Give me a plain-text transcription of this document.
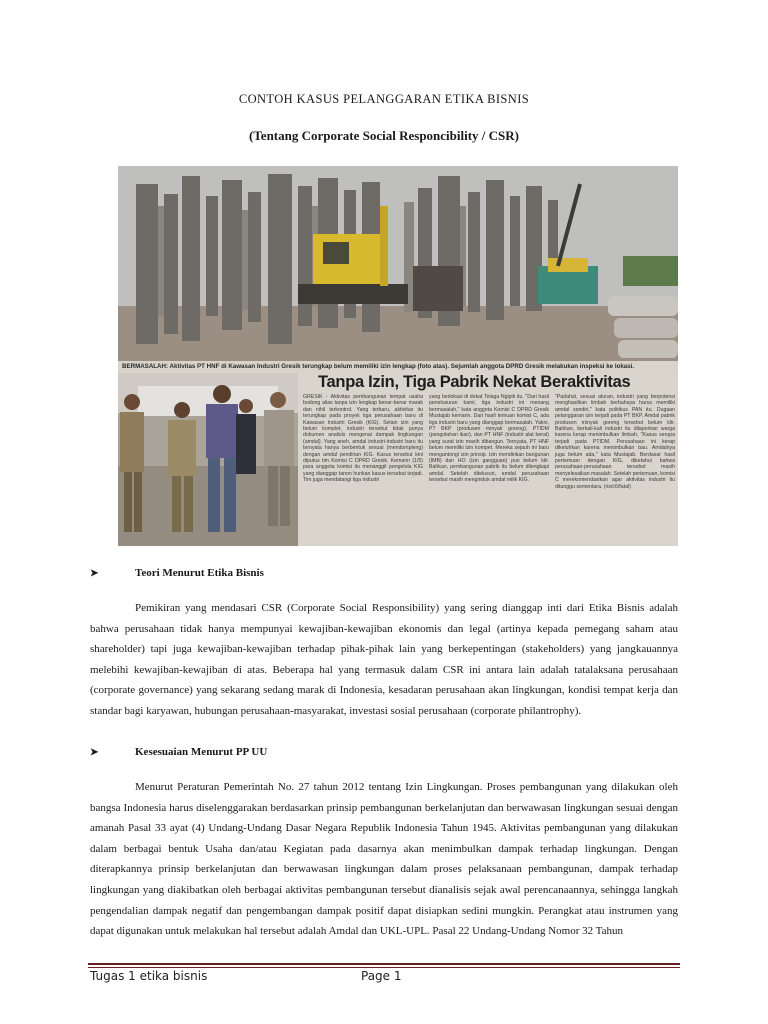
CONTOH KASUS PELANGGARAN ETIKA BISNIS
(Tentang Corporate Social Responcibility / CSR)
BERMASALAH: Aktivitas PT HNF di Kawasan Industri Gresik terungkap belum memiliki izin lengkap (foto atas). Sejumlah anggota DPRD Gresik melakukan inspeksi ke lokasi.
Tanpa Izin, Tiga Pabrik Nekat Beraktivitas
GRESIK - Aktivitas pembangunan tempat usaha bodong alias tanpa izin lengkap benar-benar marak dan nihil terkontrol. Yang terbaru, aktivitas itu terungkap pada proyek tiga perusahaan baru di Kawasan Industri Gresik (KIG). Selain izin yang belum komplet, industri tersebut tidak punya dokumen analisis mengenai dampak lingkungan (amdal). Yang aneh, amdal industri-industri baru itu ternyata hanya berbentuk sesuai (mendompleng) dengan amdal pendirian KIG. Kasus tersebut kini diputus tim Komisi C DPRD Gresik. Kemarin (1/5) para anggota komisi itu menanggil pengelola KIG yang dianggap tanon hunkan kasus tersebut terjadi. Tim juga mendatangi tiga industri
yang berlokasi di dekat Telaga Ngipik itu. "Dari hasil penelusuran kami, tiga industri ini menang bermasalah," kata anggota Komisi C DPRD Gresik Mustajab kemarin. Dari hasil temuan komisi C, ada tiga industri baru yang dianggap bermasalah. Yakni, PT BKP (produsen minyak goreng), PTIDM (pengolahan ikan), dan PT HNF (industri alat berat) yang surat izin masih dibangun. Ternyata, PT HNF belum memiliki izin kompet. Mereka sejauh ini baru mengantongi izin prinsip. Izin mendirikan bangunan (IMB) dan HO (izin gangguan) pun belum klir. Bahkan, pembangunan pabrik itu belum dilengkapi amdal. Setelah ditelusuri, amdal perusahaan tersebut masih menginduk amdal milik KIG.
"Padahal, sesuai aturan, industri yang berpotensi menghasilkan limbah berbahaya harus memiliki amdal sendiri," kata politikus PAN itu. Dugaan pelanggaran izin terjadi pada PT BKP. Amdal pabrik produsen minyak goreng tersebut belum klir. Bahkan, berkali-kali industri itu dilaporkan warga karena kerap menimbulkan limbah. "Kasus serupa terjadi pada PTIDM. Perusahaan ini kerap dikeluhkan karena menimbulkan bau. Amdalnya juga belum ada," kata Mustajab. Berdasar hasil pertemuan dengan KIG, diketahui bahwa perusahaan-perusahaan tersebut masih menyelesaikan masalah. Setelah pertemuan, komisi C merekomendasikan agar aktivitas industri itu ditunggu sementara. (ris/c6/fatal)
➤	Teori Menurut Etika Bisnis

Pemikiran yang mendasari CSR (Corporate Social Responsibility) yang sering dianggap inti dari Etika Bisnis adalah bahwa perusahaan tidak hanya mempunyai kewajiban-kewajiban ekonomis dan legal (artinya kepada pemegang saham atau shareholder) tapi juga kewajiban-kewajiban terhadap pihak-pihak lain yang berkepentingan (stakeholders) yang jangkauannya melebihi kewajiban-kewajiban di atas. Beberapa hal yang termasuk dalam CSR ini antara lain adalah tatalaksana perusahaan (corporate governance) yang sekarang sedang marak di Indonesia, kesadaran perusahaan akan lingkungan, kondisi tempat kerja dan standar bagi karyawan, hubungan perusahaan-masyarakat, investasi sosial perusahaan (corporate philantrophy).

➤	Kesesuaian Menurut PP UU

Menurut Peraturan Pemerintah No. 27 tahun 2012 tentang Izin Lingkungan. Proses pembangunan yang dilakukan oleh bangsa Indonesia harus diselenggarakan berdasarkan prinsip pembangunan berkelanjutan dan berwawasan lingkungan sesuai dengan amanah Pasal 33 ayat (4) Undang-Undang Dasar Negara Republik Indonesia Tahun 1945. Aktivitas pembangunan yang dilakukan dalam berbagai bentuk Usaha dan/atau Kegiatan pada dasarnya akan menimbulkan dampak terhadap lingkungan. Dengan diterapkannya prinsip berkelanjutan dan berwawasan lingkungan dalam proses pelaksanaan pembangunan, dampak terhadap lingkungan yang diakibatkan oleh berbagai aktivitas pembangunan tersebut dianalisis sejak awal perencanaannya, sehingga langkah pengendalian dampak negatif dan pengembangan dampak positif dapat disiapkan sedini mungkin. Perangkat atau instrumen yang dapat digunakan untuk melakukan hal tersebut adalah Amdal dan UKL-UPL. Pasal 22 Undang-Undang Nomor 32 Tahun

Tugas 1 etika bisnis	Page 1
